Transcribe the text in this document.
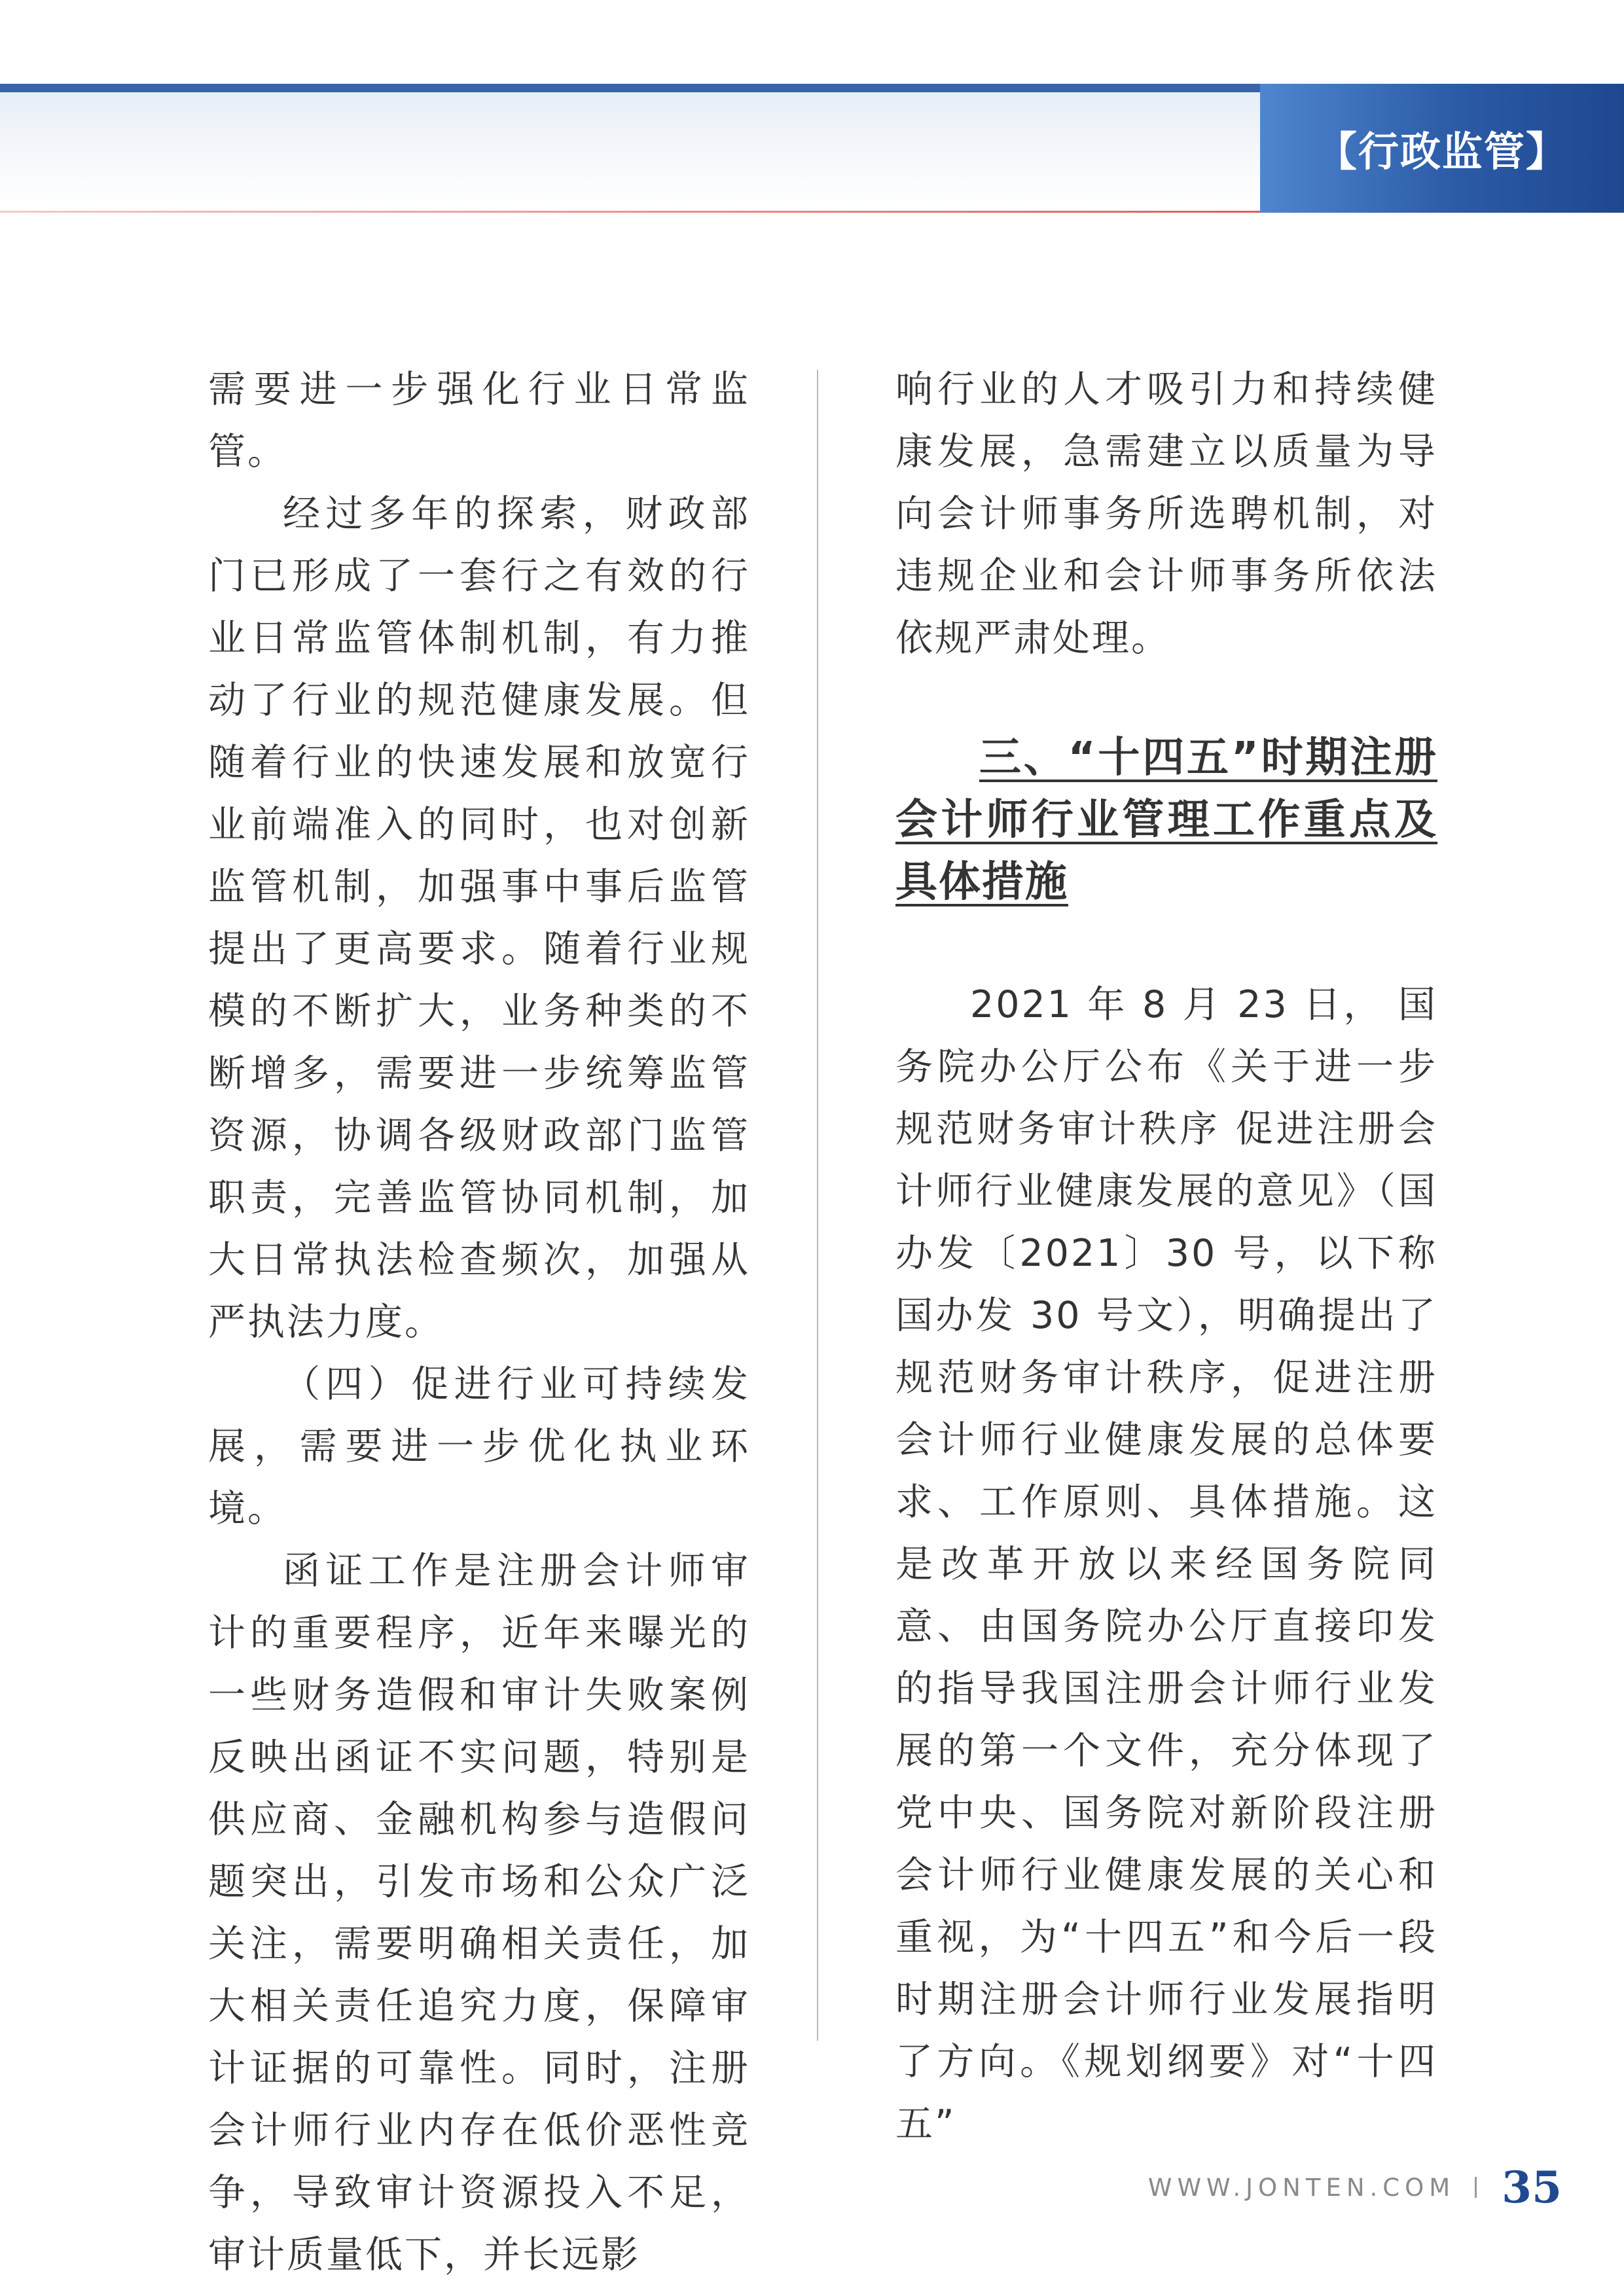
【行政监管】

需要进一步强化行业日常监管。

经过多年的探索，财政部门已形成了一套行之有效的行业日常监管体制机制，有力推动了行业的规范健康发展。但随着行业的快速发展和放宽行业前端准入的同时，也对创新监管机制，加强事中事后监管提出了更高要求。随着行业规模的不断扩大，业务种类的不断增多，需要进一步统筹监管资源，协调各级财政部门监管职责，完善监管协同机制，加大日常执法检查频次，加强从严执法力度。

（四）促进行业可持续发展，需要进一步优化执业环境。

函证工作是注册会计师审计的重要程序，近年来曝光的一些财务造假和审计失败案例反映出函证不实问题，特别是供应商、金融机构参与造假问题突出，引发市场和公众广泛关注，需要明确相关责任，加大相关责任追究力度，保障审计证据的可靠性。同时，注册会计师行业内存在低价恶性竞争，导致审计资源投入不足，审计质量低下，并长远影

响行业的人才吸引力和持续健康发展，急需建立以质量为导向会计师事务所选聘机制，对违规企业和会计师事务所依法依规严肃处理。

三、“十四五”时期注册会计师行业管理工作重点及具体措施

2021 年 8 月 23 日， 国 务院办公厅公布《关于进一步规范财务审计秩序 促进注册会计师行业健康发展的意见》（国办发〔2021〕30 号，以下称国办发 30 号文），明确提出了规范财务审计秩序，促进注册会计师行业健康发展的总体要求、工作原则、具体措施。这是改革开放以来经国务院同意、由国务院办公厅直接印发的指导我国注册会计师行业发展的第一个文件，充分体现了党中央、国务院对新阶段注册会计师行业健康发展的关心和重视，为“十四五”和今后一段时期注册会计师行业发展指明了方向。《规划纲要》对“十四五”

WWW.JONTEN.COM 35
